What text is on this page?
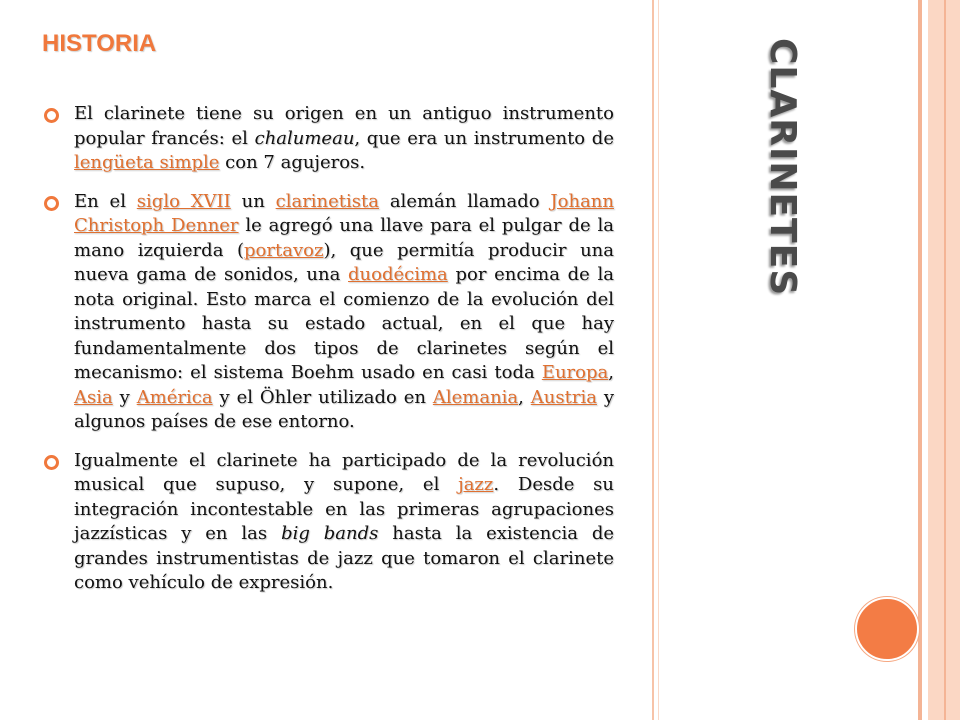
CLARINETES
HISTORIA
El clarinete tiene su origen en un antiguo instrumento popular francés: el chalumeau, que era un instrumento de lengüeta simple con 7 agujeros.
En el siglo XVII un clarinetista alemán llamado Johann Christoph Denner le agregó una llave para el pulgar de la mano izquierda (portavoz), que permitía producir una nueva gama de sonidos, una duodécima por encima de la nota original. Esto marca el comienzo de la evolución del instrumento hasta su estado actual, en el que hay fundamentalmente dos tipos de clarinetes según el mecanismo: el sistema Boehm usado en casi toda Europa, Asia y América y el Öhler utilizado en Alemania, Austria y algunos países de ese entorno.
Igualmente el clarinete ha participado de la revolución musical que supuso, y supone, el jazz. Desde su integración incontestable en las primeras agrupaciones jazzísticas y en las big bands hasta la existencia de grandes instrumentistas de jazz que tomaron el clarinete como vehículo de expresión.
